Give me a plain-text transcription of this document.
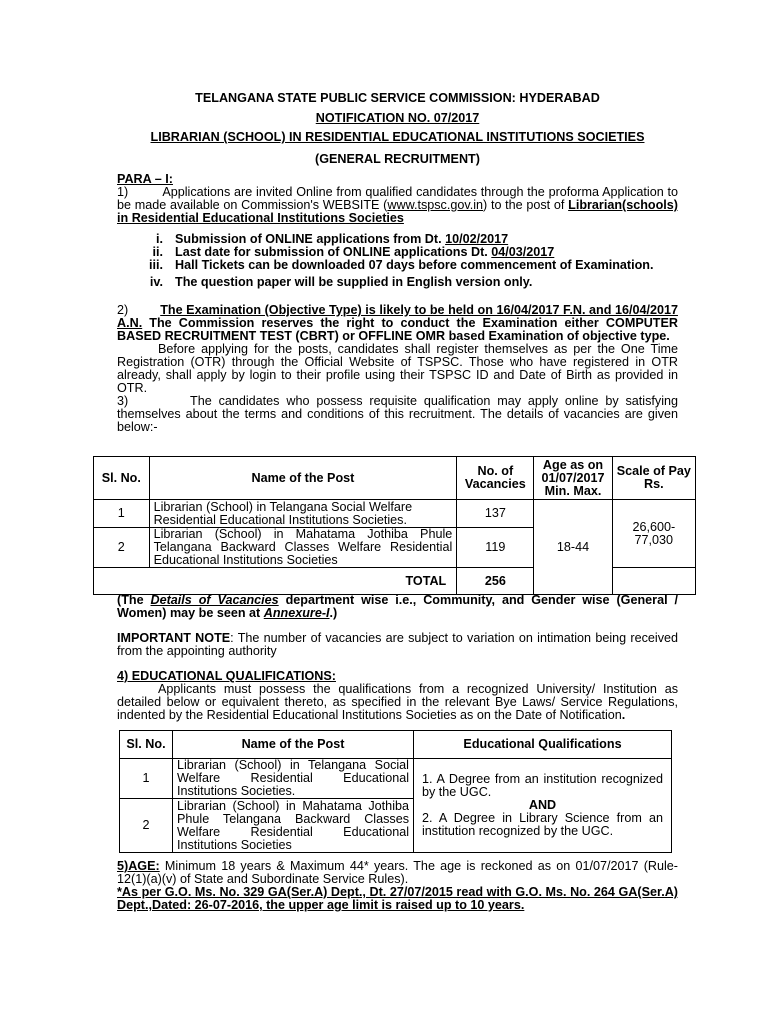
TELANGANA STATE PUBLIC SERVICE COMMISSION: HYDERABAD

NOTIFICATION NO. 07/2017

LIBRARIAN (SCHOOL) IN RESIDENTIAL EDUCATIONAL INSTITUTIONS SOCIETIES

(GENERAL RECRUITMENT)

PARA – I:

1)	Applications are invited Online from qualified candidates through the proforma Application to be made available on Commission's WEBSITE (www.tspsc.gov.in) to the post of Librarian(schools) in Residential Educational Institutions Societies

i. Submission of ONLINE applications from Dt. 10/02/2017
ii. Last date for submission of ONLINE applications Dt. 04/03/2017
iii. Hall Tickets can be downloaded 07 days before commencement of Examination.
iv. The question paper will be supplied in English version only.

2)	The Examination (Objective Type) is likely to be held on 16/04/2017 F.N. and 16/04/2017 A.N. The Commission reserves the right to conduct the Examination either COMPUTER BASED RECRUITMENT TEST (CBRT) or OFFLINE OMR based Examination of objective type.

Before applying for the posts, candidates shall register themselves as per the One Time Registration (OTR) through the Official Website of TSPSC. Those who have registered in OTR already, shall apply by login to their profile using their TSPSC ID and Date of Birth as provided in OTR.

3)	The candidates who possess requisite qualification may apply online by satisfying themselves about the terms and conditions of this recruitment. The details of vacancies are given below:-

Sl. No.	Name of the Post	No. of Vacancies	Age as on 01/07/2017 Min. Max.	Scale of Pay Rs.
1	Librarian (School) in Telangana Social Welfare Residential Educational Institutions Societies.	137	18-44	26,600-77,030
2	Librarian (School) in Mahatama Jothiba Phule Telangana Backward Classes Welfare Residential Educational Institutions Societies	119		
TOTAL		256		

(The Details of Vacancies department wise i.e., Community, and Gender wise (General / Women) may be seen at Annexure-I.)

IMPORTANT NOTE: The number of vacancies are subject to variation on intimation being received from the appointing authority

4) EDUCATIONAL QUALIFICATIONS:

Applicants must possess the qualifications from a recognized University/ Institution as detailed below or equivalent thereto, as specified in the relevant Bye Laws/ Service Regulations, indented by the Residential Educational Institutions Societies as on the Date of Notification.

Sl. No.	Name of the Post	Educational Qualifications
1	Librarian (School) in Telangana Social Welfare Residential Educational Institutions Societies.	1. A Degree from an institution recognized by the UGC.
AND
2. A Degree in Library Science from an institution recognized by the UGC.

2	Librarian (School) in Mahatama Jothiba Phule Telangana Backward Classes Welfare Residential Educational Institutions Societies	

5)AGE: Minimum 18 years & Maximum 44* years. The age is reckoned as on 01/07/2017 (Rule- 12(1)(a)(v) of State and Subordinate Service Rules).

*As per G.O. Ms. No. 329 GA(Ser.A) Dept., Dt. 27/07/2015 read with G.O. Ms. No. 264 GA(Ser.A) Dept.,Dated: 26-07-2016, the upper age limit is raised up to 10 years.
